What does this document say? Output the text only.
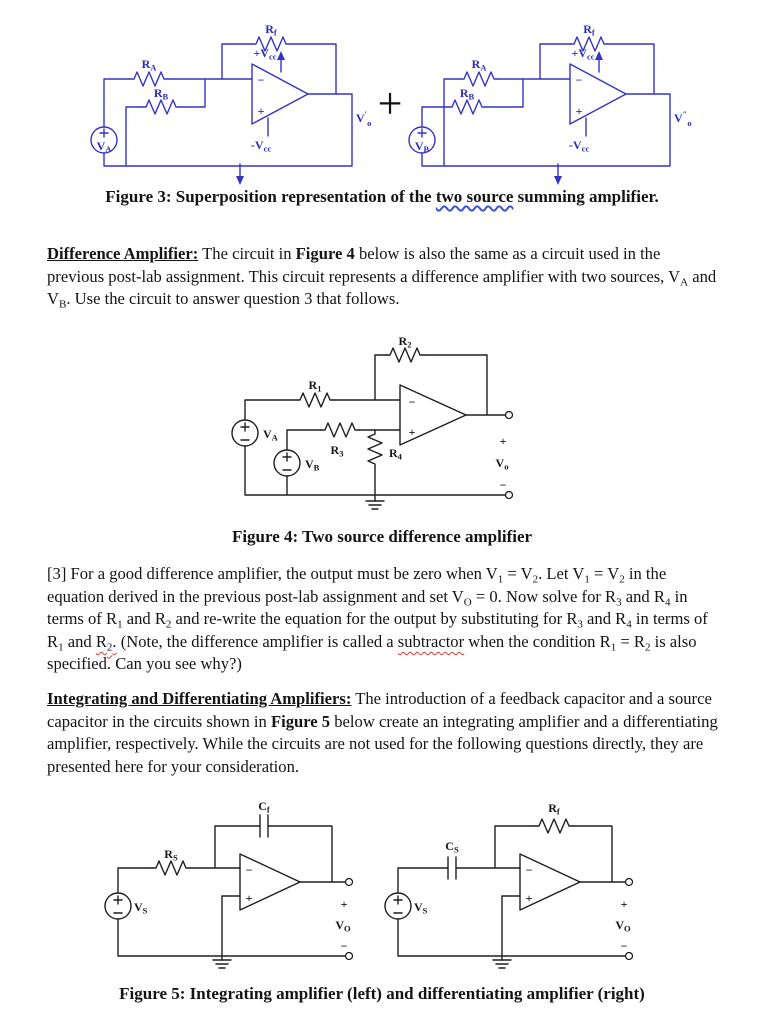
$R_A$
$R_B$
$R_f$
$+V_{cc}$
$-V_{cc}$
VA
−
+	$V'_o$ +
$R_A$
$R_B$
$R_f$
$+V_{cc}$
$-V_{cc}$
VB
−
+	$V''_o$
Figure 3: Superposition representation of the two source summing amplifier.

Difference Amplifier: The circuit in Figure 4 below is also the same as a circuit used in the previous post-lab assignment. This circuit represents a difference amplifier with two sources, $V_A$ and $V_B$. Use the circuit to answer question 3 that follows.

$R_2$
$R_1$
$R_3$	$R_4$
$V_A$
$V_B$
−
+
+
$V_o$
−
Figure 4: Two source difference amplifier

[3] For a good difference amplifier, the output must be zero when $V_1 = V_2$. Let $V_1 = V_2$ in the equation derived in the previous post-lab assignment and set $V_O = 0$. Now solve for $R_3$ and $R_4$ in terms of $R_1$ and $R_2$ and re-write the equation for the output by substituting for $R_3$ and $R_4$ in terms of $R_1$ and $R_2$. (Note, the difference amplifier is called a subtractor when the condition $R_1 = R_2$ is also specified. Can you see why?)

Integrating and Differentiating Amplifiers: The introduction of a feedback capacitor and a source capacitor in the circuits shown in Figure 5 below create an integrating amplifier and a differentiating amplifier, respectively. While the circuits are not used for the following questions directly, they are presented here for your consideration.

$C_f$
$R_S$
$V_S$
−
+	+
$V_O$
−
$R_f$
$C_S$
$V_S$
−
+	+
$V_O$
−
Figure 5: Integrating amplifier (left) and differentiating amplifier (right)
